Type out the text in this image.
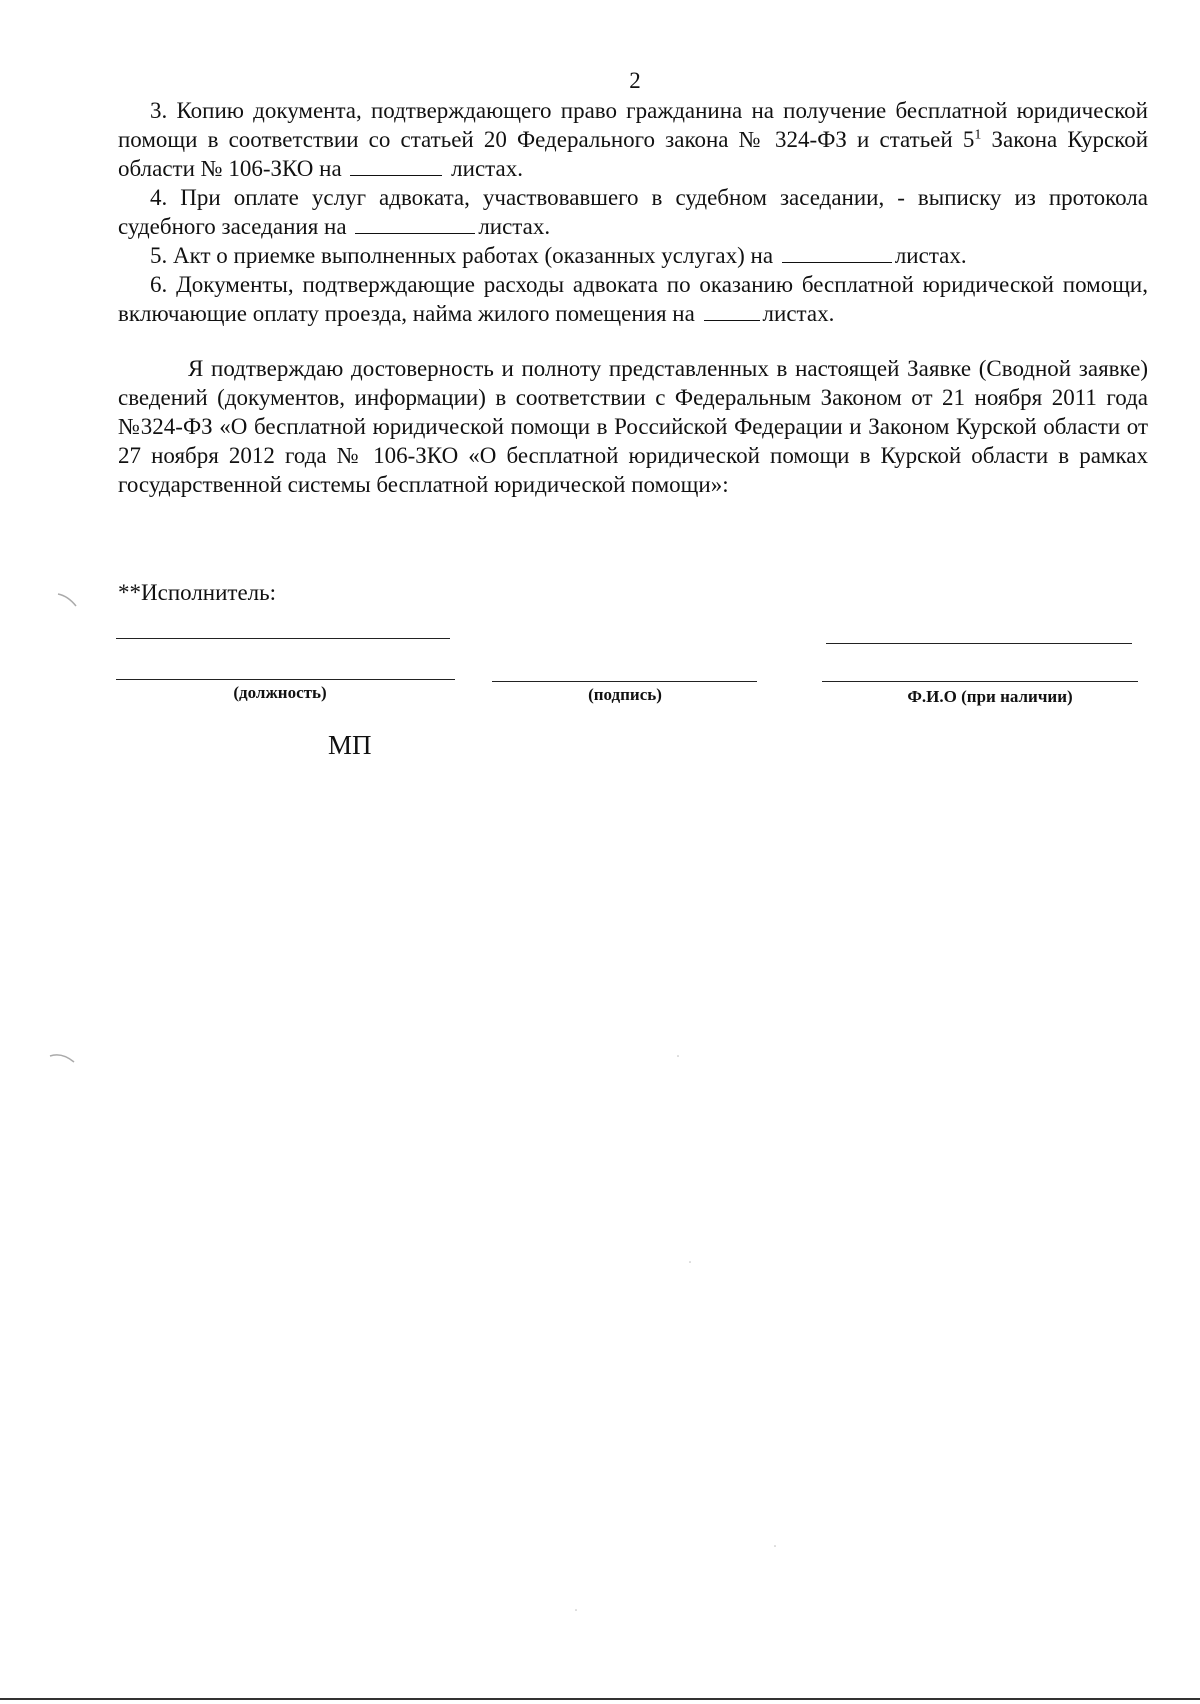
2

3. Копию документа, подтверждающего право гражданина на получение бесплатной юридической помощи в соответствии со статьей 20 Федерального закона № 324-ФЗ и статьей $5^1$ Закона Курской области № 106-ЗКО на	листах.

4. При оплате услуг адвоката, участвовавшего в судебном заседании, - выписку из протокола судебного заседания на	листах.

5. Акт о приемке выполненных работах (оказанных услугах) на	листах.

6. Документы, подтверждающие расходы адвоката по оказанию бесплатной юридической помощи, включающие оплату проезда, найма жилого помещения на	листах.

Я подтверждаю достоверность и полноту представленных в настоящей Заявке (Сводной заявке) сведений (документов, информации) в соответствии с Федеральным Законом от 21 ноября 2011 года №324-ФЗ «О бесплатной юридической помощи в Российской Федерации и Законом Курской области от 27 ноября 2012 года № 106-ЗКО «О бесплатной юридической помощи в Курской области в рамках государственной системы бесплатной юридической помощи»:

**Исполнитель:
(должность)	(подпись)	Ф.И.О (при наличии)
МП
